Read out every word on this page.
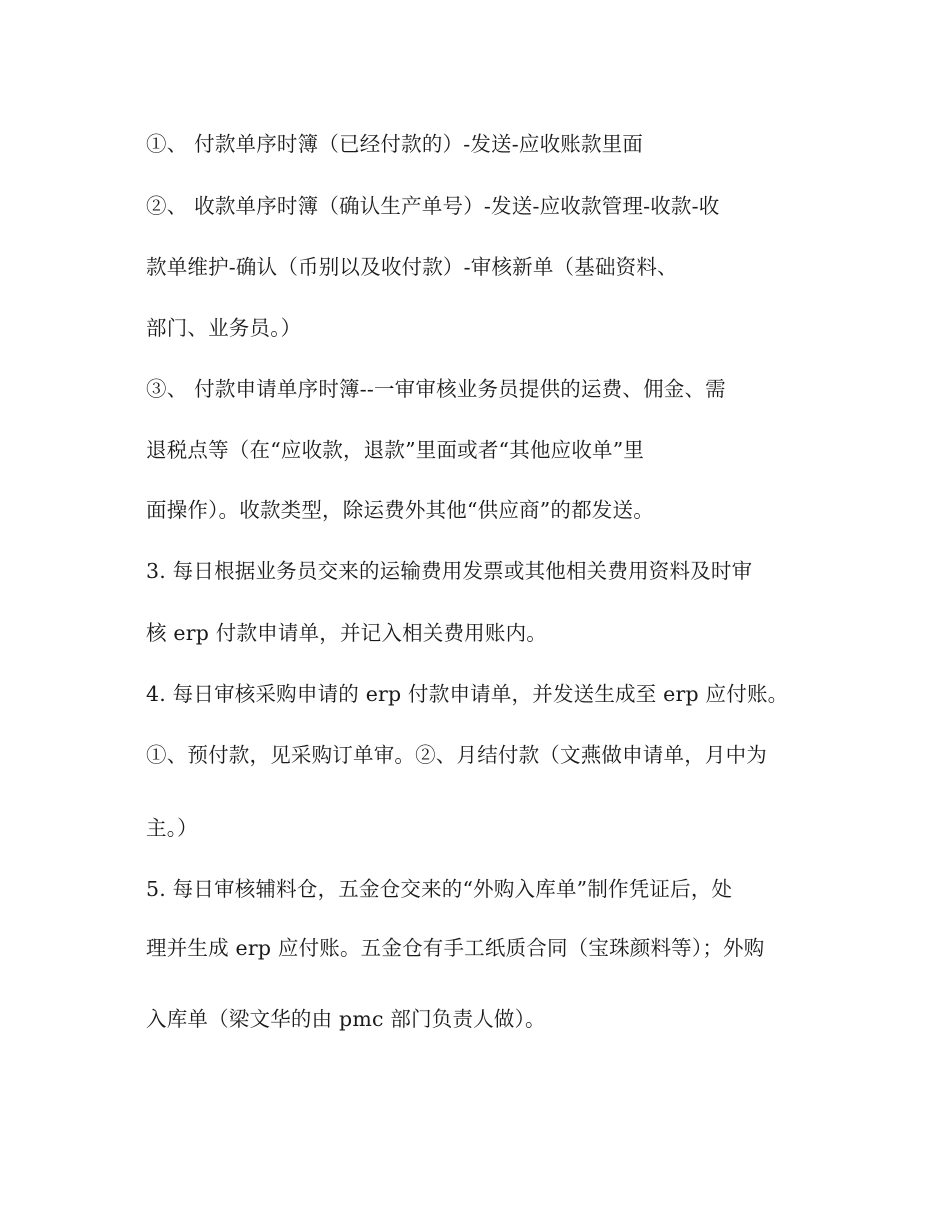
①、 付款单序时簿（已经付款的）-发送-应收账款里面
②、 收款单序时簿（确认生产单号）-发送-应收款管理-收款-收
款单维护-确认（币别以及收付款）-审核新单（基础资料、
部门、业务员。）
③、 付款申请单序时簿--一审审核业务员提供的运费、佣金、需
退税点等（在“应收款，退款”里面或者“其他应收单”里
面操作）。收款类型，除运费外其他“供应商”的都发送。
3. 每日根据业务员交来的运输费用发票或其他相关费用资料及时审
核 erp 付款申请单，并记入相关费用账内。
4. 每日审核采购申请的 erp 付款申请单，并发送生成至 erp 应付账。
①、预付款，见采购订单审。②、月结付款（文燕做申请单，月中为
主。）
5. 每日审核辅料仓，五金仓交来的“外购入库单”制作凭证后，处
理并生成 erp 应付账。五金仓有手工纸质合同（宝珠颜料等）；外购
入库单（梁文华的由 pmc 部门负责人做）。
